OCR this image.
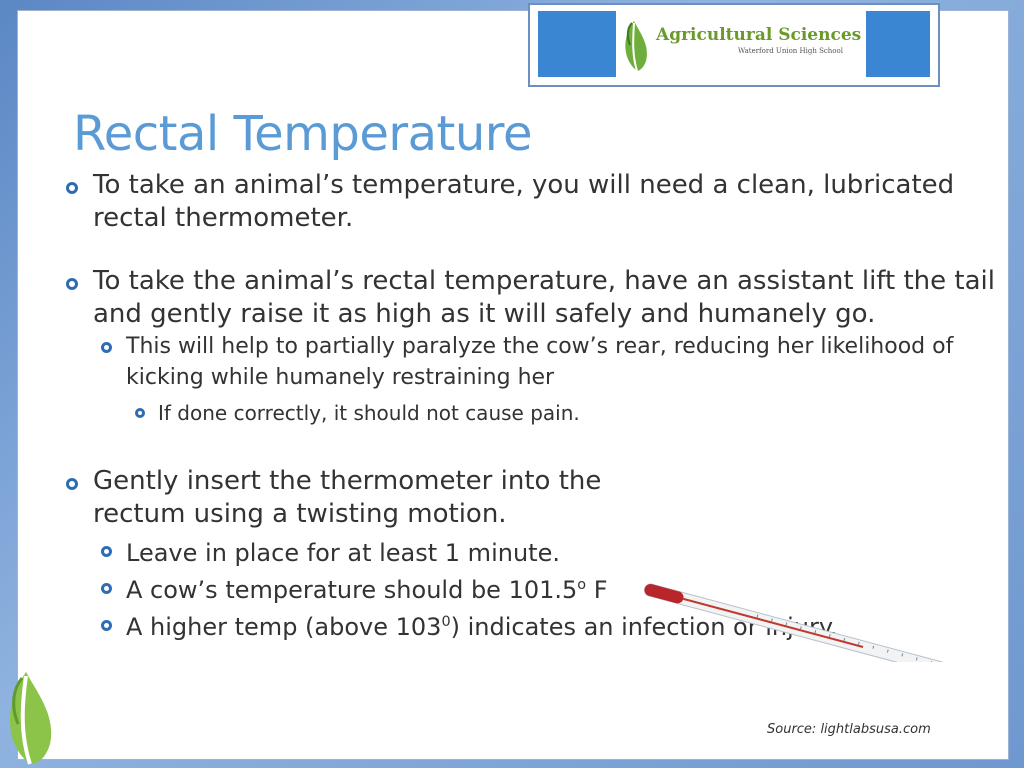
Agricultural Sciences
Waterford Union High School
Rectal Temperature
To take an animal’s temperature, you will need a clean, lubricated rectal thermometer.
To take the animal’s rectal temperature, have an assistant lift the tail and gently raise it as high as it will safely and humanely go.
This will help to partially paralyze the cow’s rear, reducing her likelihood of kicking while humanely restraining her
If done correctly, it should not cause pain.
Gently insert the thermometer into the rectum using a twisting motion.
Leave in place for at least 1 minute.
A cow’s temperature should be 101.5$^o$ F
A higher temp (above $103^0$) indicates an infection or injury.
Source: lightlabsusa.com
